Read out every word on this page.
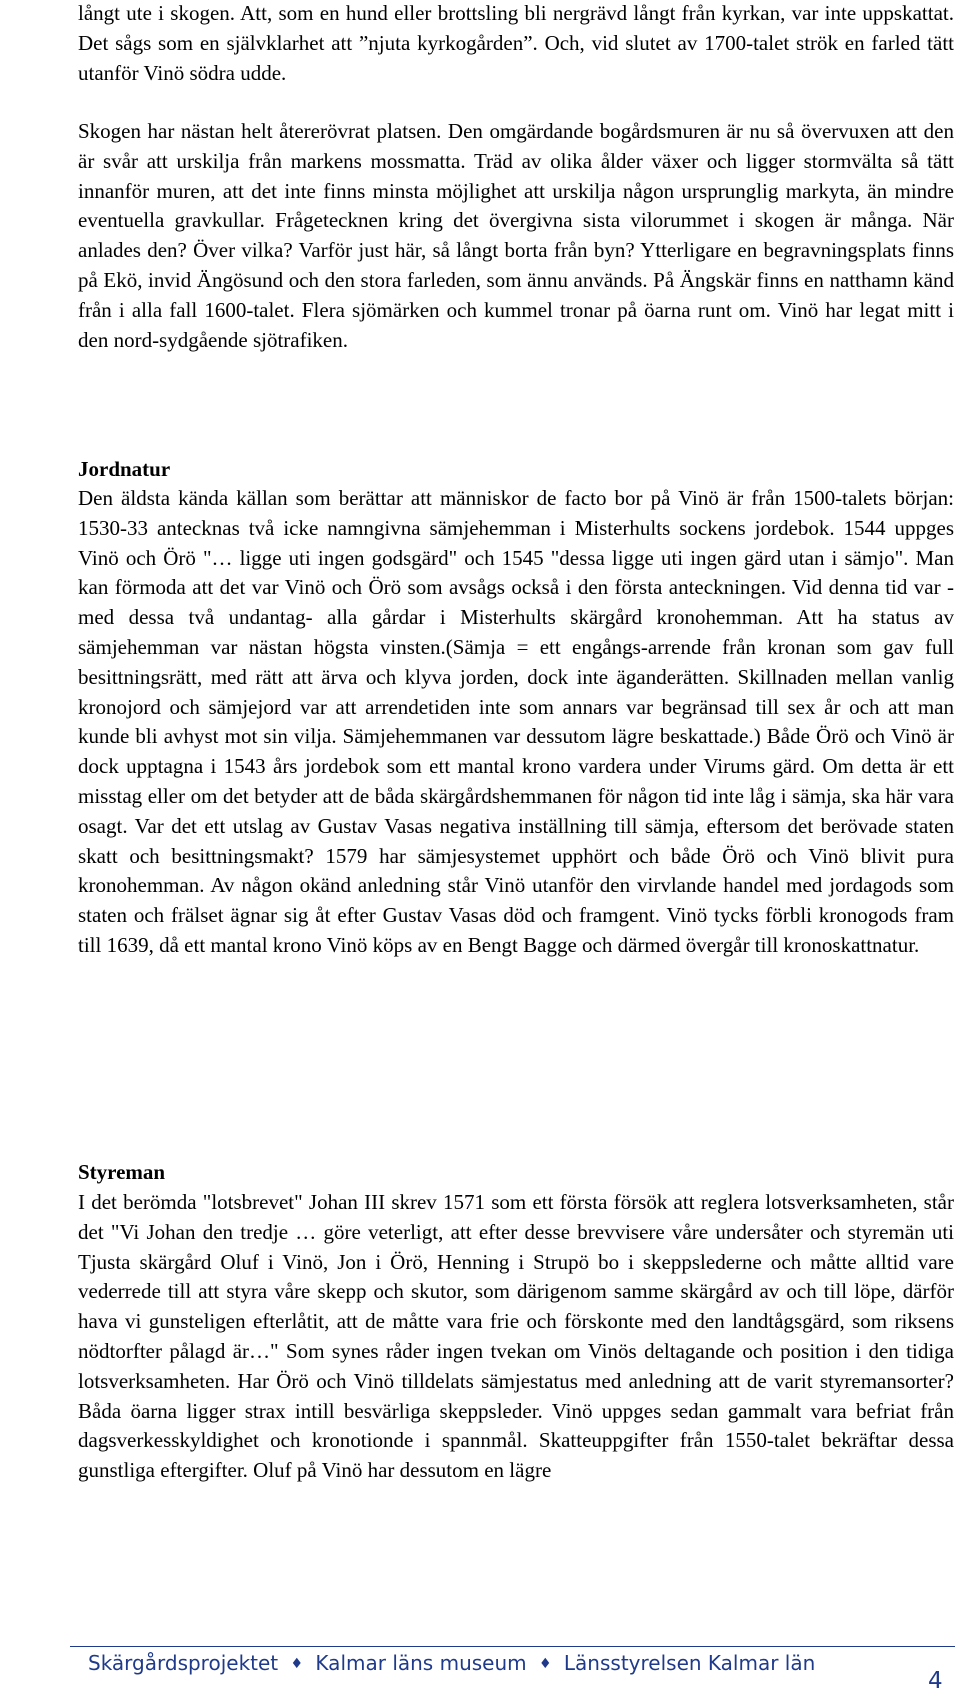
långt ute i skogen. Att, som en hund eller brottsling bli nergrävd långt från kyrkan, var inte uppskattat. Det sågs som en självklarhet att ”njuta kyrkogården”. Och, vid slutet av 1700-talet strök en farled tätt utanför Vinö södra udde.

Skogen har nästan helt återerövrat platsen. Den omgärdande bogårdsmuren är nu så övervuxen att den är svår att urskilja från markens mossmatta. Träd av olika ålder växer och ligger stormvälta så tätt innanför muren, att det inte finns minsta möjlighet att urskilja någon ursprunglig markyta, än mindre eventuella gravkullar. Frågetecknen kring det övergivna sista vilorummet i skogen är många. När anlades den? Över vilka? Varför just här, så långt borta från byn? Ytterligare en begravningsplats finns på Ekö, invid Ängösund och den stora farleden, som ännu används. På Ängskär finns en natthamn känd från i alla fall 1600-talet. Flera sjömärken och kummel tronar på öarna runt om. Vinö har legat mitt i den nord-sydgående sjötrafiken.

Jordnatur

Den äldsta kända källan som berättar att människor de facto bor på Vinö är från 1500-talets början: 1530-33 antecknas två icke namngivna sämjehemman i Misterhults sockens jordebok. 1544 uppges Vinö och Örö "… ligge uti ingen godsgärd" och 1545 "dessa ligge uti ingen gärd utan i sämjo". Man kan förmoda att det var Vinö och Örö som avsågs också i den första anteckningen. Vid denna tid var -med dessa två undantag- alla gårdar i Misterhults skärgård kronohemman. Att ha status av sämjehemman var nästan högsta vinsten.(Sämja = ett engångs-arrende från kronan som gav full besittningsrätt, med rätt att ärva och klyva jorden, dock inte äganderätten. Skillnaden mellan vanlig kronojord och sämjejord var att arrendetiden inte som annars var begränsad till sex år och att man kunde bli avhyst mot sin vilja. Sämjehemmanen var dessutom lägre beskattade.) Både Örö och Vinö är dock upptagna i 1543 års jordebok som ett mantal krono vardera under Virums gärd. Om detta är ett misstag eller om det betyder att de båda skärgårdshemmanen för någon tid inte låg i sämja, ska här vara osagt. Var det ett utslag av Gustav Vasas negativa inställning till sämja, eftersom det berövade staten skatt och besittningsmakt? 1579 har sämjesystemet upphört och både Örö och Vinö blivit pura kronohemman. Av någon okänd anledning står Vinö utanför den virvlande handel med jordagods som staten och frälset ägnar sig åt efter Gustav Vasas död och framgent. Vinö tycks förbli kronogods fram till 1639, då ett mantal krono Vinö köps av en Bengt Bagge och därmed övergår till kronoskattnatur.

Styreman

I det berömda "lotsbrevet" Johan III skrev 1571 som ett första försök att reglera lotsverksamheten, står det "Vi Johan den tredje … göre veterligt, att efter desse brevvisere våre undersåter och styremän uti Tjusta skärgård Oluf i Vinö, Jon i Örö, Henning i Strupö bo i skeppslederne och måtte alltid vare vederrede till att styra våre skepp och skutor, som därigenom samme skärgård av och till löpe, därför hava vi gunsteligen efterlåtit, att de måtte vara frie och förskonte med den landtågsgärd, som riksens nödtorfter pålagd är…" Som synes råder ingen tvekan om Vinös deltagande och position i den tidiga lotsverksamheten. Har Örö och Vinö tilldelats sämjestatus med anledning att de varit styremansorter? Båda öarna ligger strax intill besvärliga skeppsleder. Vinö uppges sedan gammalt vara befriat från dagsverkesskyldighet och kronotionde i spannmål. Skatteuppgifter från 1550-talet bekräftar dessa gunstliga eftergifter. Oluf på Vinö har dessutom en lägre

Skärgårdsprojektet ♦ Kalmar läns museum ♦ Länsstyrelsen Kalmar län
4
